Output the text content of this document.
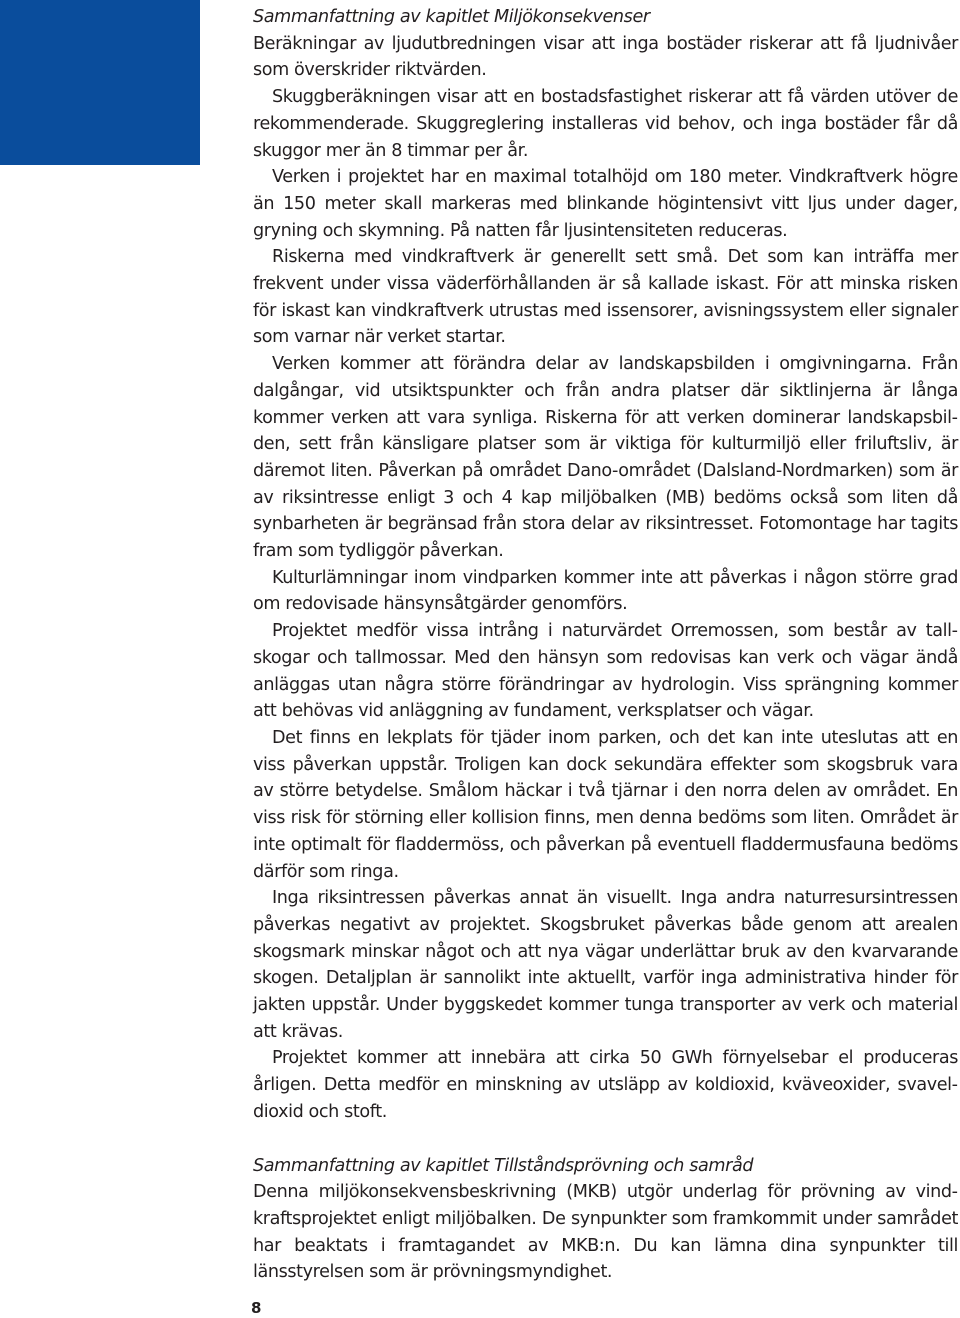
Sammanfattning av kapitlet Miljökonsekvenser

Beräkningar av ljudutbredningen visar att inga bostäder riskerar att få ljudnivåer som överskrider riktvärden.

Skuggberäkningen visar att en bostadsfastighet riskerar att få värden utöver de rekommenderade. Skuggreglering installeras vid behov, och inga bostäder får då skuggor mer än 8 timmar per år.

Verken i projektet har en maximal totalhöjd om 180 meter. Vindkraftverk högre än 150 meter skall markeras med blinkande högintensivt vitt ljus under dager, gryning och skymning. På natten får ljusintensiteten reduceras.

Riskerna med vindkraftverk är generellt sett små. Det som kan inträffa mer frekvent under vissa väderförhållanden är så kallade iskast. För att minska risken för iskast kan vindkraftverk utrustas med issensorer, avisningssystem eller signaler som varnar när verket startar.

Verken kommer att förändra delar av landskapsbilden i omgivningarna. Från dalgångar, vid utsiktspunkter och från andra platser där siktlinjerna är långa kommer verken att vara synliga. Riskerna för att verken dominerar landskapsbilden, sett från känsligare platser som är viktiga för kulturmiljö eller friluftsliv, är däremot liten. Påverkan på området Dano-området (Dalsland-Nordmarken) som är av riksintresse enligt 3 och 4 kap miljöbalken (MB) bedöms också som liten då synbarheten är begränsad från stora delar av riksintresset. Fotomontage har tagits fram som tydliggör påverkan.

Kulturlämningar inom vindparken kommer inte att påverkas i någon större grad om redovisade hänsynsåtgärder genomförs.

Projektet medför vissa intrång i naturvärdet Orremossen, som består av tallskogar och tallmossar. Med den hänsyn som redovisas kan verk och vägar ändå anläggas utan några större förändringar av hydrologin. Viss sprängning kommer att behövas vid anläggning av fundament, verksplatser och vägar.

Det finns en lekplats för tjäder inom parken, och det kan inte uteslutas att en viss påverkan uppstår. Troligen kan dock sekundära effekter som skogsbruk vara av större betydelse. Smålom häckar i två tjärnar i den norra delen av området. En viss risk för störning eller kollision finns, men denna bedöms som liten. Området är inte optimalt för fladdermöss, och påverkan på eventuell fladdermusfauna bedöms därför som ringa.

Inga riksintressen påverkas annat än visuellt. Inga andra naturresursintressen påverkas negativt av projektet. Skogsbruket påverkas både genom att arealen skogsmark minskar något och att nya vägar underlättar bruk av den kvarvarande skogen. Detaljplan är sannolikt inte aktuellt, varför inga administrativa hinder för jakten uppstår. Under byggskedet kommer tunga transporter av verk och material att krävas.

Projektet kommer att innebära att cirka 50 GWh förnyelsebar el produceras årligen. Detta medför en minskning av utsläpp av koldioxid, kväveoxider, svaveldioxid och stoft.

Sammanfattning av kapitlet Tillståndsprövning och samråd

Denna miljökonsekvensbeskrivning (MKB) utgör underlag för prövning av vindkraftsprojektet enligt miljöbalken. De synpunkter som framkommit under samrådet har beaktats i framtagandet av MKB:n. Du kan lämna dina synpunkter till länsstyrelsen som är prövningsmyndighet.

8
